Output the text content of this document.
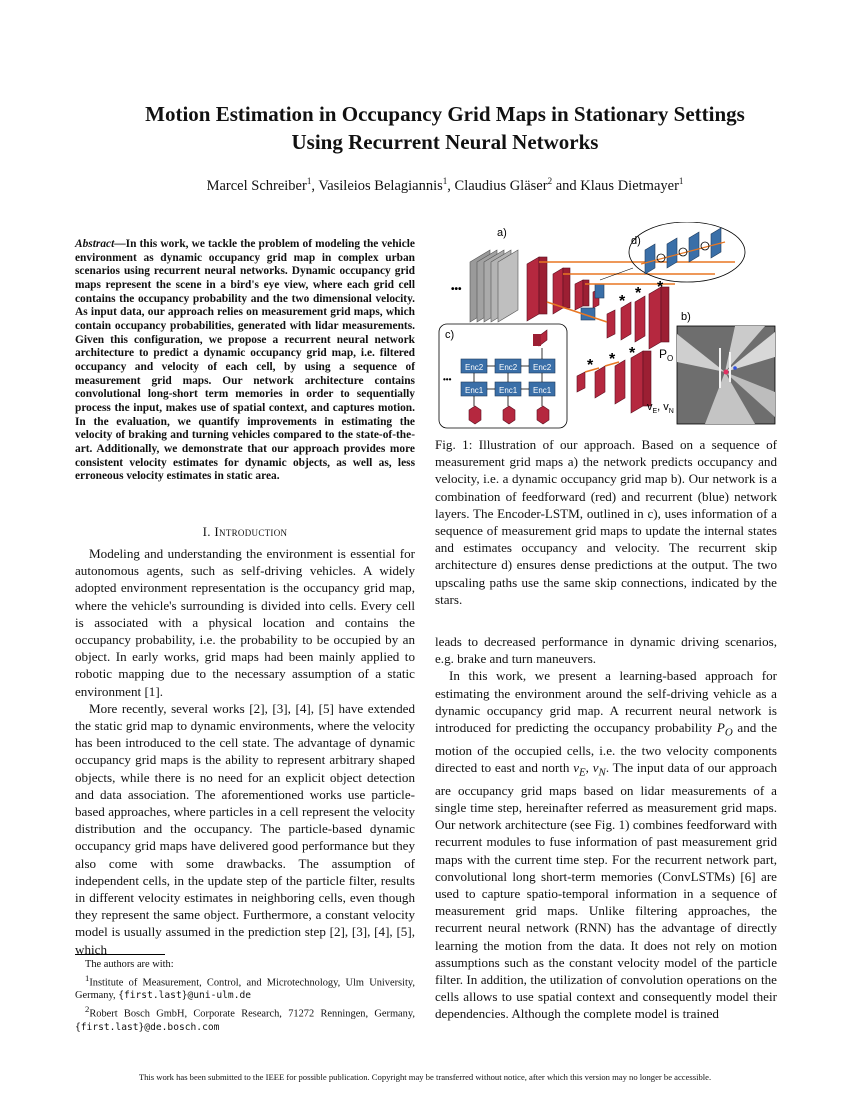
Motion Estimation in Occupancy Grid Maps in Stationary Settings
Using Recurrent Neural Networks
Marcel Schreiber$^1$, Vasileios Belagiannis$^1$, Claudius Gläser$^2$ and Klaus Dietmayer$^1$
Abstract—In this work, we tackle the problem of modeling the vehicle environment as dynamic occupancy grid map in complex urban scenarios using recurrent neural networks. Dynamic occupancy grid maps represent the scene in a bird's eye view, where each grid cell contains the occupancy probability and the two dimensional velocity. As input data, our approach relies on measurement grid maps, which contain occupancy probabilities, generated with lidar measurements. Given this configuration, we propose a recurrent neural network architecture to predict a dynamic occupancy grid map, i.e. filtered occupancy and velocity of each cell, by using a sequence of measurement grid maps. Our network architecture contains convolutional long-short term memories in order to sequentially process the input, makes use of spatial context, and captures motion. In the evaluation, we quantify improvements in estimating the velocity of braking and turning vehicles compared to the state-of-the-art. Additionally, we demonstrate that our approach provides more consistent velocity estimates for dynamic objects, as well as, less erroneous velocity estimates in static area.
I. Introduction

Modeling and understanding the environment is essential for autonomous agents, such as self-driving vehicles. A widely adopted environment representation is the occupancy grid map, where the vehicle's surrounding is divided into cells. Every cell is associated with a physical location and contains the occupancy probability, i.e. the probability to be occupied by an object. In early works, grid maps had been mainly applied to robotic mapping due to the necessary assumption of a static environment [1].

More recently, several works [2], [3], [4], [5] have extended the static grid map to dynamic environments, where the velocity has been introduced to the cell state. The advantage of dynamic occupancy grid maps is the ability to represent arbitrary shaped objects, while there is no need for an explicit object detection and data association. The aforementioned works use particle-based approaches, where particles in a cell represent the velocity distribution and the occupancy. The particle-based dynamic occupancy grid maps have delivered good performance but they also come with some drawbacks. The assumption of independent cells, in the update step of the particle filter, results in different velocity estimates in neighboring cells, even though they represent the same object. Furthermore, a constant velocity model is usually assumed in the prediction step [2], [3], [4], [5], which

The authors are with:

$^1$Institute of Measurement, Control, and Microtechnology, Ulm University, Germany, {first.last}@uni-ulm.de

$^2$Robert Bosch GmbH, Corporate Research, 71272 Renningen, Germany, {first.last}@de.bosch.com

a)
•••
* * *
d)
c)
•••
Enc2 Enc2 Enc2
Enc1 Enc1 Enc1
* * * $P_O$
$v_E$, $v_N$
b)
Fig. 1: Illustration of our approach. Based on a sequence of measurement grid maps a) the network predicts occupancy and velocity, i.e. a dynamic occupancy grid map b). Our network is a combination of feedforward (red) and recurrent (blue) network layers. The Encoder-LSTM, outlined in c), uses information of a sequence of measurement grid maps to update the internal states and estimates occupancy and velocity. The recurrent skip architecture d) ensures dense predictions at the output. The two upscaling paths use the same skip connections, indicated by the stars.

leads to decreased performance in dynamic driving scenarios, e.g. brake and turn maneuvers.

In this work, we present a learning-based approach for estimating the environment around the self-driving vehicle as a dynamic occupancy grid map. A recurrent neural network is introduced for predicting the occupancy probability $P_O$ and the motion of the occupied cells, i.e. the two velocity components directed to east and north $v_E$, $v_N$. The input data of our approach are occupancy grid maps based on lidar measurements of a single time step, hereinafter referred as measurement grid maps. Our network architecture (see Fig. 1) combines feedforward with recurrent modules to fuse information of past measurement grid maps with the current time step. For the recurrent network part, convolutional long short-term memories (ConvLSTMs) [6] are used to capture spatio-temporal information in a sequence of measurement grid maps. Unlike filtering approaches, the recurrent neural network (RNN) has the advantage of directly learning the motion from the data. It does not rely on motion assumptions such as the constant velocity model of the particle filter. In addition, the utilization of convolution operations on the cells allows to use spatial context and consequently model their dependencies. Although the complete model is trained

This work has been submitted to the IEEE for possible publication. Copyright may be transferred without notice, after which this version may no longer be accessible.
